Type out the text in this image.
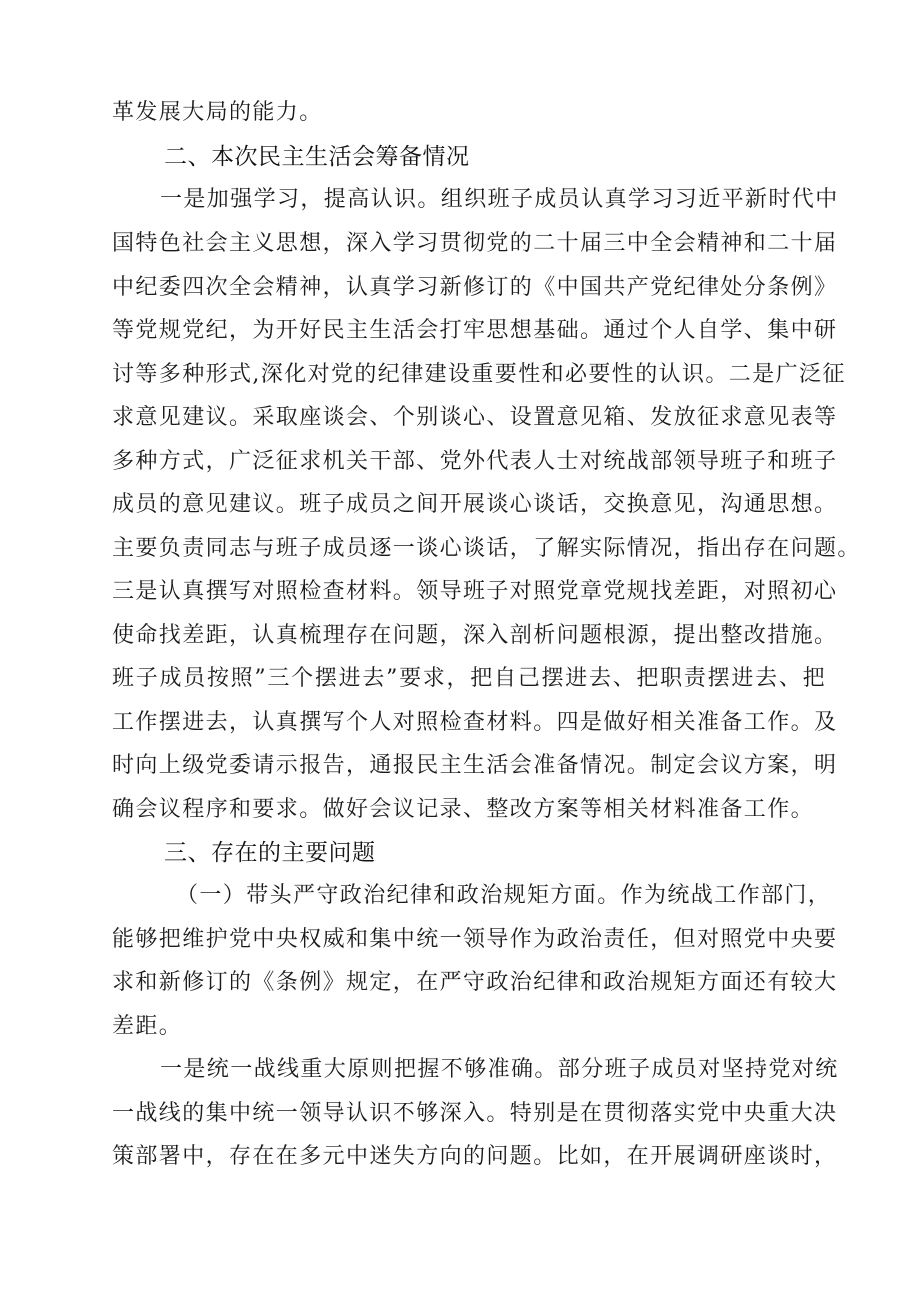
革发展大局的能力。
二、本次民主生活会筹备情况
一是加强学习，提高认识。组织班子成员认真学习习近平新时代中
国特色社会主义思想，深入学习贯彻党的二十届三中全会精神和二十届
中纪委四次全会精神，认真学习新修订的《中国共产党纪律处分条例》
等党规党纪，为开好民主生活会打牢思想基础。通过个人自学、集中研
讨等多种形式,深化对党的纪律建设重要性和必要性的认识。二是广泛征
求意见建议。采取座谈会、个别谈心、设置意见箱、发放征求意见表等
多种方式，广泛征求机关干部、党外代表人士对统战部领导班子和班子
成员的意见建议。班子成员之间开展谈心谈话，交换意见，沟通思想。
主要负责同志与班子成员逐一谈心谈话，了解实际情况，指出存在问题。
三是认真撰写对照检查材料。领导班子对照党章党规找差距，对照初心
使命找差距，认真梳理存在问题，深入剖析问题根源，提出整改措施。
班子成员按照”三个摆进去”要求，把自己摆进去、把职责摆进去、把
工作摆进去，认真撰写个人对照检查材料。四是做好相关准备工作。及
时向上级党委请示报告，通报民主生活会准备情况。制定会议方案，明
确会议程序和要求。做好会议记录、整改方案等相关材料准备工作。
三、存在的主要问题
（一）带头严守政治纪律和政治规矩方面。作为统战工作部门，
能够把维护党中央权威和集中统一领导作为政治责任，但对照党中央要
求和新修订的《条例》规定，在严守政治纪律和政治规矩方面还有较大
差距。
一是统一战线重大原则把握不够准确。部分班子成员对坚持党对统
一战线的集中统一领导认识不够深入。特别是在贯彻落实党中央重大决
策部署中，存在在多元中迷失方向的问题。比如，在开展调研座谈时，
